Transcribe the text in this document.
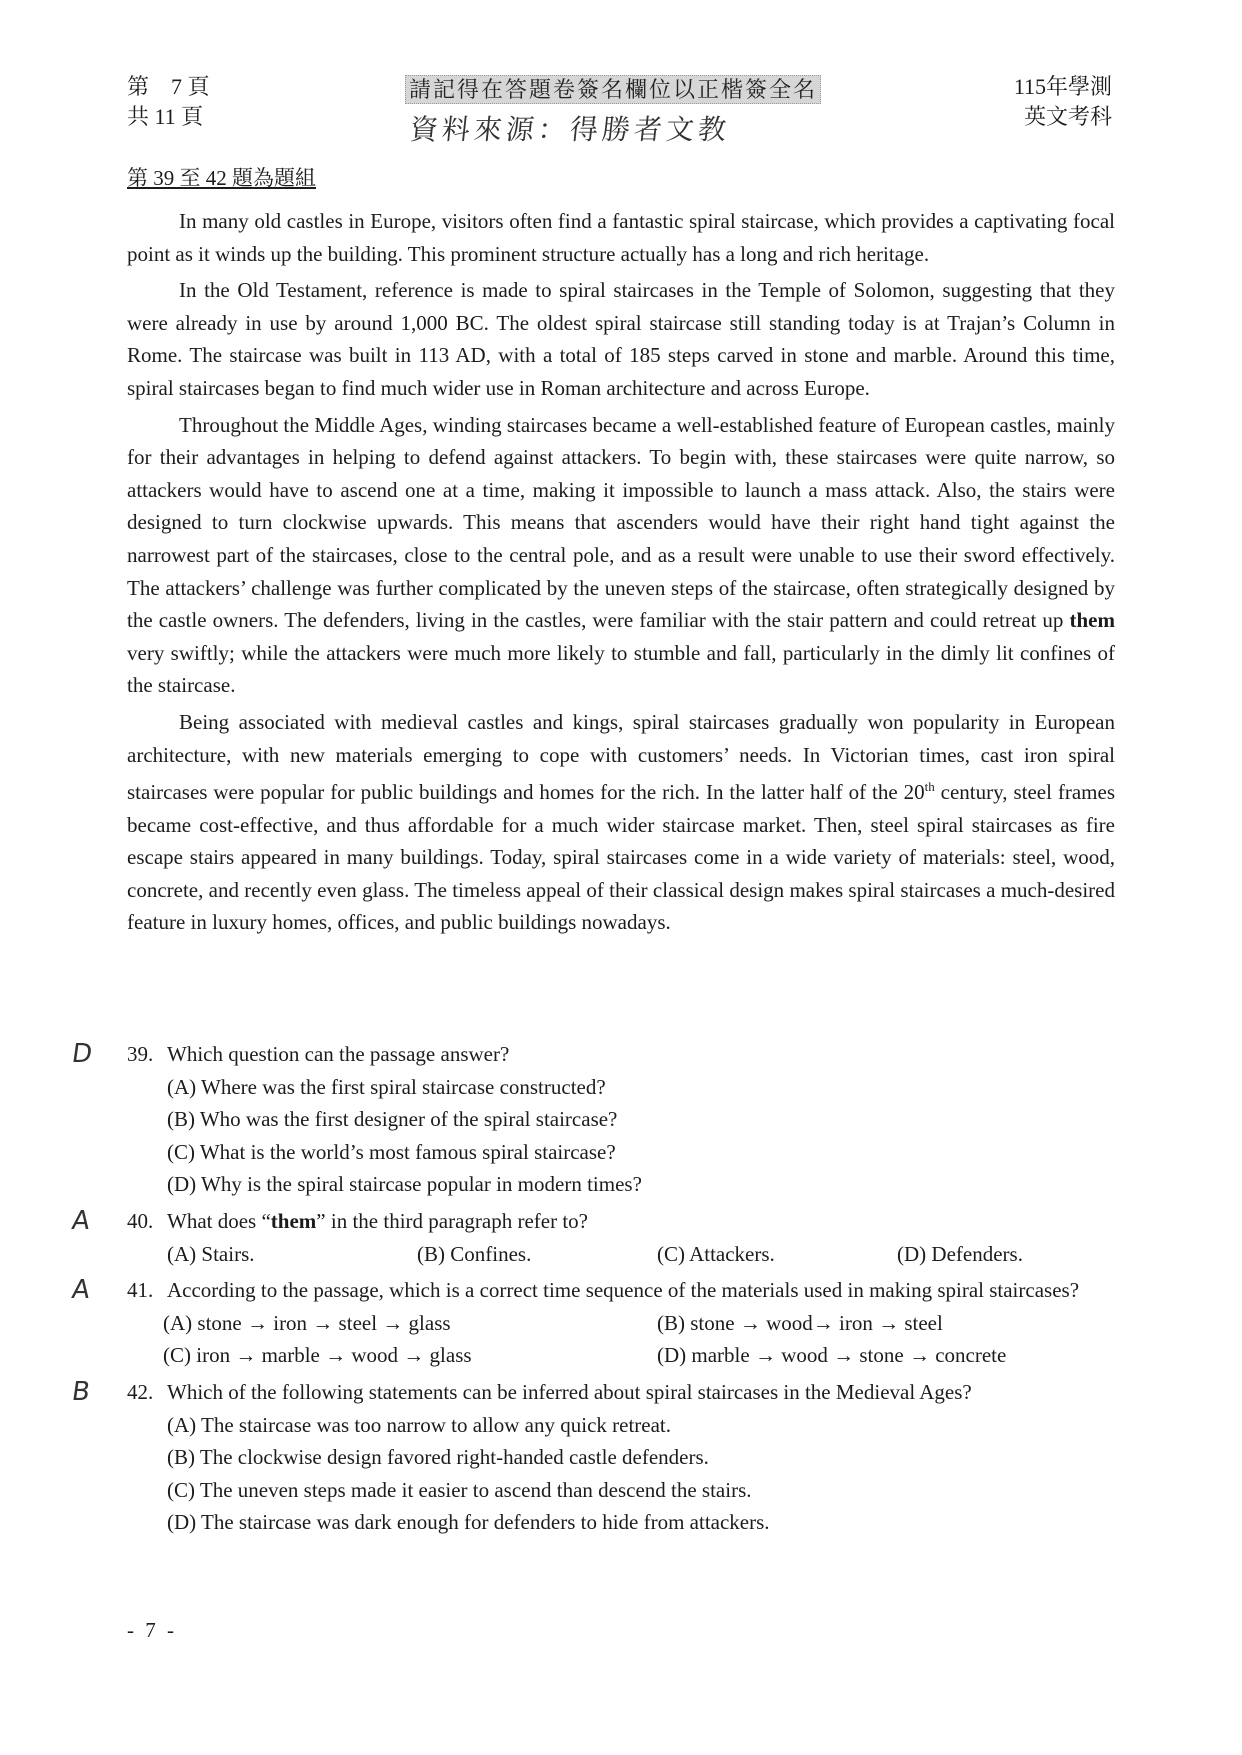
第　7 頁
共 11 頁
請記得在答題卷簽名欄位以正楷簽全名
資料來源：得勝者文教
115年學測
英文考科
第 39 至 42 題為題組

In many old castles in Europe, visitors often find a fantastic spiral staircase, which provides a captivating focal point as it winds up the building. This prominent structure actually has a long and rich heritage.

In the Old Testament, reference is made to spiral staircases in the Temple of Solomon, suggesting that they were already in use by around 1,000 BC. The oldest spiral staircase still standing today is at Trajan’s Column in Rome. The staircase was built in 113 AD, with a total of 185 steps carved in stone and marble. Around this time, spiral staircases began to find much wider use in Roman architecture and across Europe.

Throughout the Middle Ages, winding staircases became a well-established feature of European castles, mainly for their advantages in helping to defend against attackers. To begin with, these staircases were quite narrow, so attackers would have to ascend one at a time, making it impossible to launch a mass attack. Also, the stairs were designed to turn clockwise upwards. This means that ascenders would have their right hand tight against the narrowest part of the staircases, close to the central pole, and as a result were unable to use their sword effectively. The attackers’ challenge was further complicated by the uneven steps of the staircase, often strategically designed by the castle owners. The defenders, living in the castles, were familiar with the stair pattern and could retreat up them very swiftly; while the attackers were much more likely to stumble and fall, particularly in the dimly lit confines of the staircase.

Being associated with medieval castles and kings, spiral staircases gradually won popularity in European architecture, with new materials emerging to cope with customers’ needs. In Victorian times, cast iron spiral staircases were popular for public buildings and homes for the rich. In the latter half of the 20th century, steel frames became cost-effective, and thus affordable for a much wider staircase market. Then, steel spiral staircases as fire escape stairs appeared in many buildings. Today, spiral staircases come in a wide variety of materials: steel, wood, concrete, and recently even glass. The timeless appeal of their classical design makes spiral staircases a much-desired feature in luxury homes, offices, and public buildings nowadays.

D 39. Which question can the passage answer?
(A) Where was the first spiral staircase constructed?
(B) Who was the first designer of the spiral staircase?
(C) What is the world’s most famous spiral staircase?
(D) Why is the spiral staircase popular in modern times?
A 40. What does “them” in the third paragraph refer to?
(A) Stairs.	(B) Confines.	(C) Attackers.	(D) Defenders.
A 41. According to the passage, which is a correct time sequence of the materials used in making spiral staircases?
(A) stone → iron → steel → glass	(B) stone → wood→ iron → steel
(C) iron → marble → wood → glass	(D) marble → wood → stone → concrete
B 42. Which of the following statements can be inferred about spiral staircases in the Medieval Ages?
(A) The staircase was too narrow to allow any quick retreat.
(B) The clockwise design favored right-handed castle defenders.
(C) The uneven steps made it easier to ascend than descend the stairs.
(D) The staircase was dark enough for defenders to hide from attackers.
- 7 -
